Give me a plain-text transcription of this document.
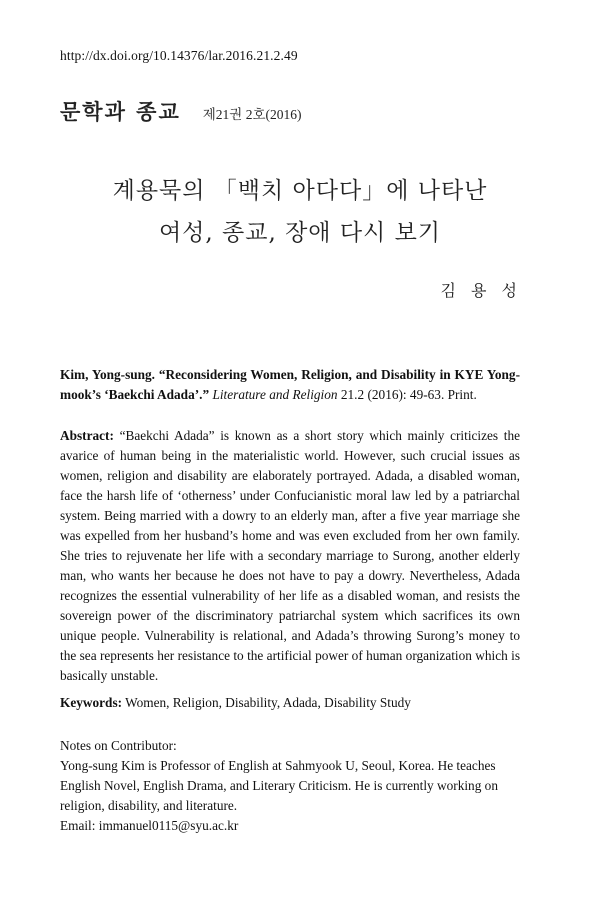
http://dx.doi.org/10.14376/lar.2016.21.2.49
문학과 종교 제21권 2호(2016)
계용묵의 「백치 아다다」에 나타난
여성, 종교, 장애 다시 보기
김 용 성
Kim, Yong-sung. “Reconsidering Women, Religion, and Disability in KYE Yong-mook’s ‘Baekchi Adada’.” Literature and Religion 21.2 (2016): 49-63. Print.
Abstract: “Baekchi Adada” is known as a short story which mainly criticizes the avarice of human being in the materialistic world. However, such crucial issues as women, religion and disability are elaborately portrayed. Adada, a disabled woman, face the harsh life of ‘otherness’ under Confucianistic moral law led by a patriarchal system. Being married with a dowry to an elderly man, after a five year marriage she was expelled from her husband’s home and was even excluded from her own family. She tries to rejuvenate her life with a secondary marriage to Surong, another elderly man, who wants her because he does not have to pay a dowry. Nevertheless, Adada recognizes the essential vulnerability of her life as a disabled woman, and resists the sovereign power of the discriminatory patriarchal system which sacrifices its own unique people. Vulnerability is relational, and Adada’s throwing Surong’s money to the sea represents her resistance to the artificial power of human organization which is basically unstable.
Keywords: Women, Religion, Disability, Adada, Disability Study
Notes on Contributor:
Yong-sung Kim is Professor of English at Sahmyook U, Seoul, Korea. He teaches English Novel, English Drama, and Literary Criticism. He is currently working on religion, disability, and literature.
Email: immanuel0115@syu.ac.kr
